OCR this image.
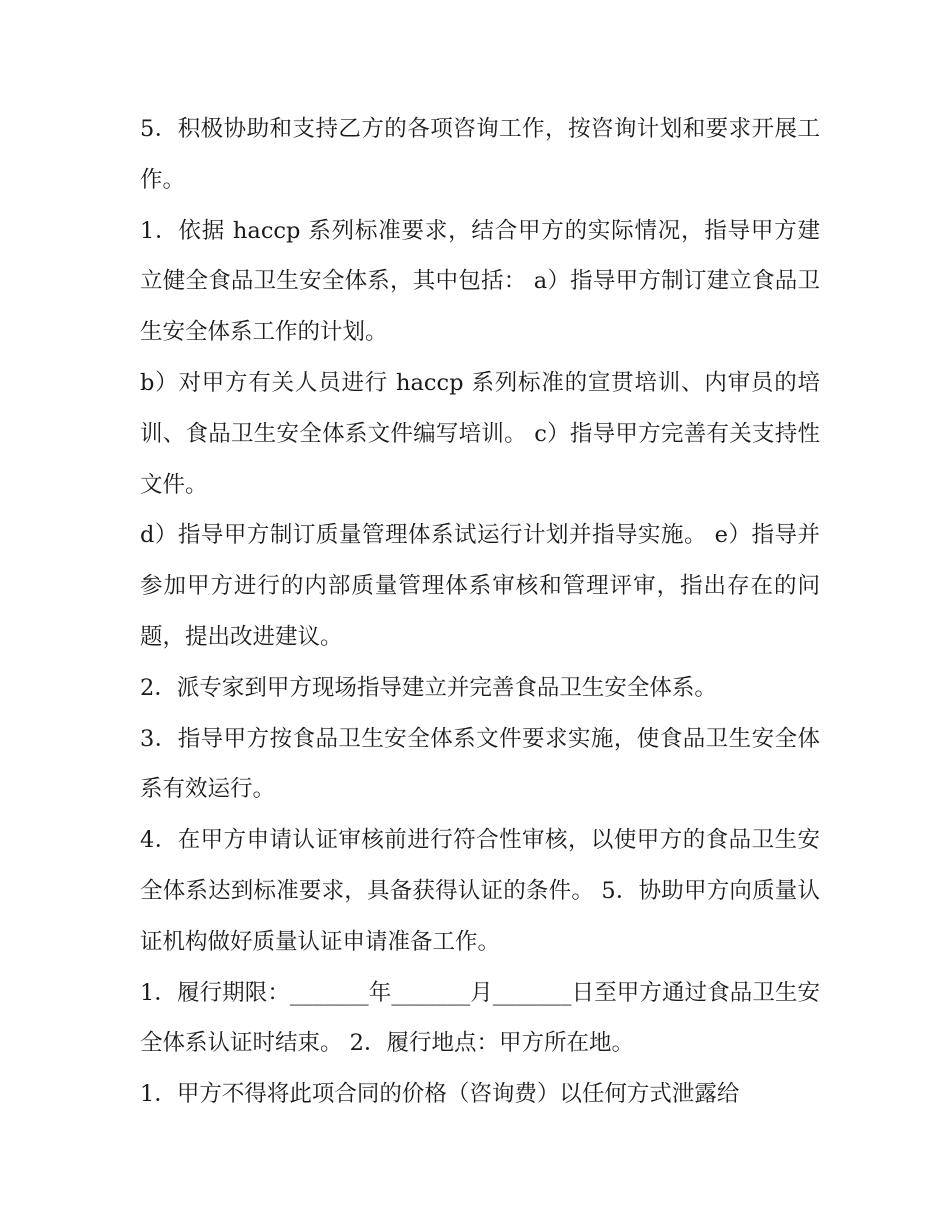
5．积极协助和支持乙方的各项咨询工作，按咨询计划和要求开展工作。

1．依据 haccp 系列标准要求，结合甲方的实际情况，指导甲方建立健全食品卫生安全体系，其中包括： a）指导甲方制订建立食品卫生安全体系工作的计划。

b）对甲方有关人员进行 haccp 系列标准的宣贯培训、内审员的培训、食品卫生安全体系文件编写培训。 c）指导甲方完善有关支持性文件。

d）指导甲方制订质量管理体系试运行计划并指导实施。 e）指导并参加甲方进行的内部质量管理体系审核和管理评审，指出存在的问题，提出改进建议。

2．派专家到甲方现场指导建立并完善食品卫生安全体系。

3．指导甲方按食品卫生安全体系文件要求实施，使食品卫生安全体系有效运行。

4．在甲方申请认证审核前进行符合性审核，以使甲方的食品卫生安全体系达到标准要求，具备获得认证的条件。 5．协助甲方向质量认证机构做好质量认证申请准备工作。

1．履行期限：_______年_______月_______日至甲方通过食品卫生安全体系认证时结束。 2．履行地点：甲方所在地。

1．甲方不得将此项合同的价格（咨询费）以任何方式泄露给
